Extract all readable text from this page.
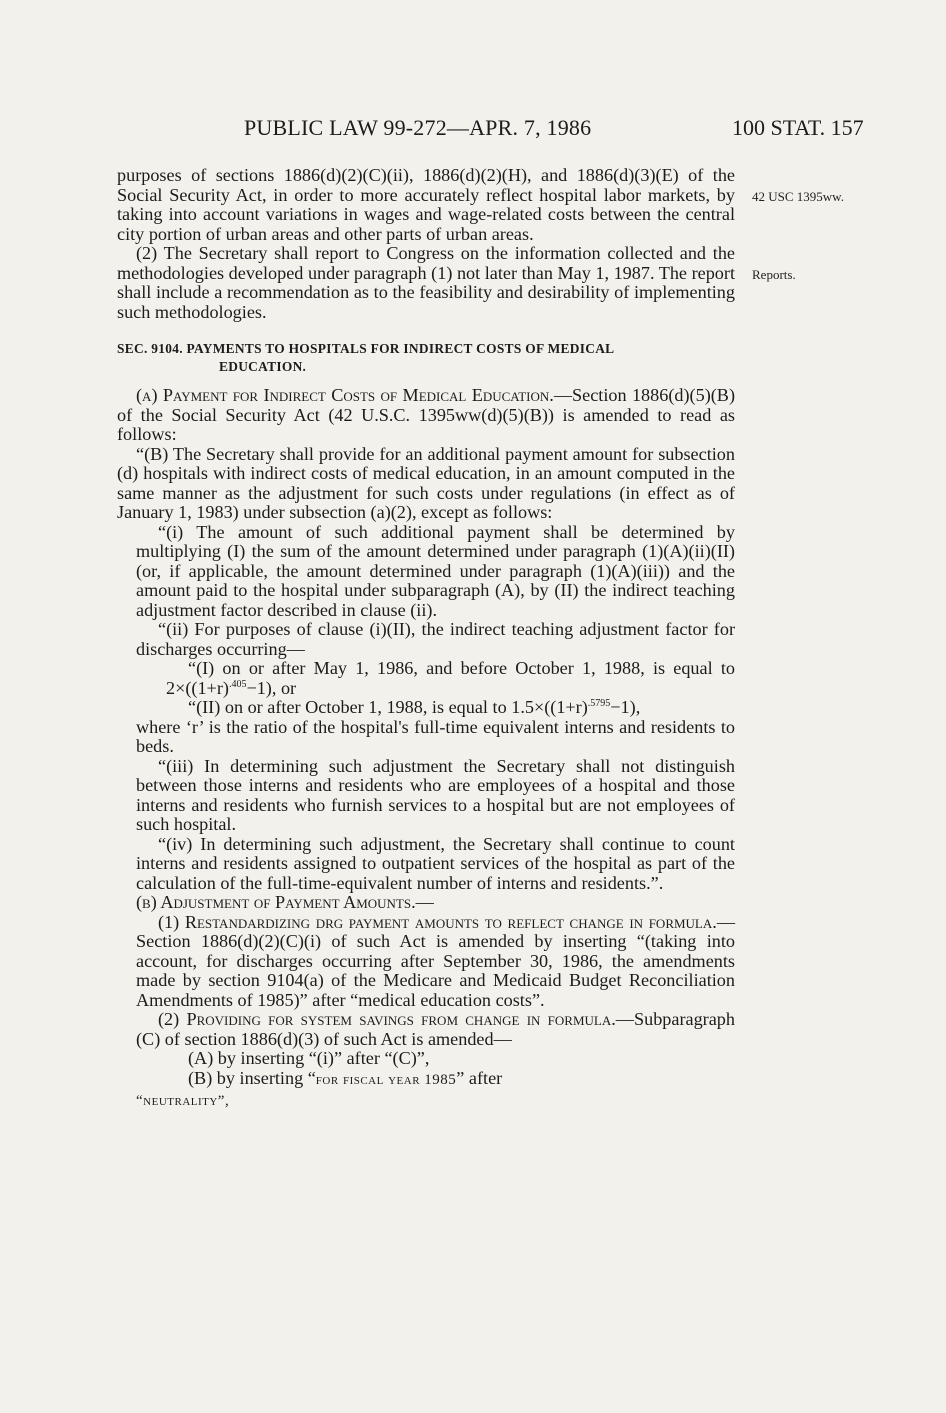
PUBLIC LAW 99-272—APR. 7, 1986	100 STAT. 157
42 USC 1395ww.
Reports.

purposes of sections 1886(d)(2)(C)(ii), 1886(d)(2)(H), and 1886(d)(3)(E) of the Social Security Act, in order to more accurately reflect hospital labor markets, by taking into account variations in wages and wage-related costs between the central city portion of urban areas and other parts of urban areas.

(2) The Secretary shall report to Congress on the information collected and the methodologies developed under paragraph (1) not later than May 1, 1987. The report shall include a recommendation as to the feasibility and desirability of implementing such methodologies.

SEC. 9104. PAYMENTS TO HOSPITALS FOR INDIRECT COSTS OF MEDICAL
EDUCATION.

(a) Payment for Indirect Costs of Medical Education.—Section 1886(d)(5)(B) of the Social Security Act (42 U.S.C. 1395ww(d)(5)(B)) is amended to read as follows:

“(B) The Secretary shall provide for an additional payment amount for subsection (d) hospitals with indirect costs of medical education, in an amount computed in the same manner as the adjustment for such costs under regulations (in effect as of January 1, 1983) under subsection (a)(2), except as follows:

“(i) The amount of such additional payment shall be determined by multiplying (I) the sum of the amount determined under paragraph (1)(A)(ii)(II) (or, if applicable, the amount determined under paragraph (1)(A)(iii)) and the amount paid to the hospital under subparagraph (A), by (II) the indirect teaching adjustment factor described in clause (ii).

“(ii) For purposes of clause (i)(II), the indirect teaching adjustment factor for discharges occurring—

“(I) on or after May 1, 1986, and before October 1, 1988, is equal to $2\times((1+r)^{.405}-1)$, or

“(II) on or after October 1, 1988, is equal to $1.5\times((1+r)^{.5795}-1)$,

where ‘r’ is the ratio of the hospital's full-time equivalent interns and residents to beds.

“(iii) In determining such adjustment the Secretary shall not distinguish between those interns and residents who are employees of a hospital and those interns and residents who furnish services to a hospital but are not employees of such hospital.

“(iv) In determining such adjustment, the Secretary shall continue to count interns and residents assigned to outpatient services of the hospital as part of the calculation of the full-time-equivalent number of interns and residents.”.

(b) Adjustment of Payment Amounts.—

(1) Restandardizing drg payment amounts to reflect change in formula.—Section 1886(d)(2)(C)(i) of such Act is amended by inserting “(taking into account, for discharges occurring after September 30, 1986, the amendments made by section 9104(a) of the Medicare and Medicaid Budget Reconciliation Amendments of 1985)” after “medical education costs”.

(2) Providing for system savings from change in formula.—Subparagraph (C) of section 1886(d)(3) of such Act is amended—

(A) by inserting “(i)” after “(C)”,

(B) by inserting “for fiscal year 1985” after

“neutrality”,
